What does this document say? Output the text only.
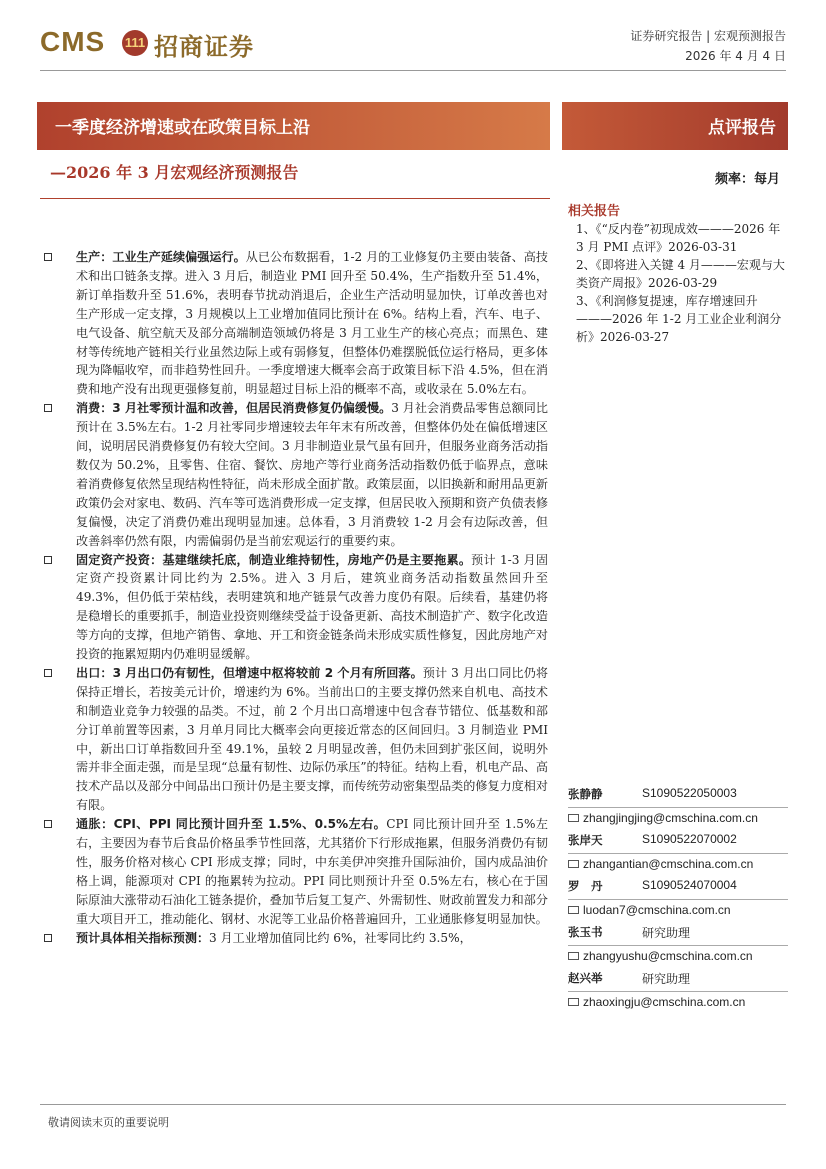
CMS 111 招商证券	证券研究报告 | 宏观预测报告
2026 年 4 月 4 日
一季度经济增速或在政策目标上沿	点评报告
—2026 年 3 月宏观经济预测报告	频率：每月
相关报告
1、《“反内卷”初现成效———2026 年 3 月 PMI 点评》2026-03-31
2、《即将进入关键 4 月———宏观与大类资产周报》2026-03-29
3、《利润修复提速，库存增速回升———2026 年 1-2 月工业企业利润分析》2026-03-27
生产：工业生产延续偏强运行。从已公布数据看，1-2 月的工业修复仍主要由装备、高技术和出口链条支撑。进入 3 月后，制造业 PMI 回升至 50.4%，生产指数升至 51.4%，新订单指数升至 51.6%，表明春节扰动消退后，企业生产活动明显加快，订单改善也对生产形成一定支撑，3 月规模以上工业增加值同比预计在 6%。结构上看，汽车、电子、电气设备、航空航天及部分高端制造领域仍将是 3 月工业生产的核心亮点；而黑色、建材等传统地产链相关行业虽然边际上或有弱修复，但整体仍难摆脱低位运行格局，更多体现为降幅收窄，而非趋势性回升。一季度增速大概率会高于政策目标下沿 4.5%，但在消费和地产没有出现更强修复前，明显超过目标上沿的概率不高，或收录在 5.0%左右。
消费：3 月社零预计温和改善，但居民消费修复仍偏缓慢。3 月社会消费品零售总额同比预计在 3.5%左右。1-2 月社零同步增速较去年年末有所改善，但整体仍处在偏低增速区间，说明居民消费修复仍有较大空间。3 月非制造业景气虽有回升，但服务业商务活动指数仅为 50.2%，且零售、住宿、餐饮、房地产等行业商务活动指数仍低于临界点，意味着消费修复依然呈现结构性特征，尚未形成全面扩散。政策层面，以旧换新和耐用品更新政策仍会对家电、数码、汽车等可选消费形成一定支撑，但居民收入预期和资产负债表修复偏慢，决定了消费仍难出现明显加速。总体看，3 月消费较 1-2 月会有边际改善，但改善斜率仍然有限，内需偏弱仍是当前宏观运行的重要约束。
固定资产投资：基建继续托底，制造业维持韧性，房地产仍是主要拖累。预计 1-3 月固定资产投资累计同比约为 2.5%。进入 3 月后，建筑业商务活动指数虽然回升至 49.3%，但仍低于荣枯线，表明建筑和地产链景气改善力度仍有限。后续看，基建仍将是稳增长的重要抓手，制造业投资则继续受益于设备更新、高技术制造扩产、数字化改造等方向的支撑，但地产销售、拿地、开工和资金链条尚未形成实质性修复，因此房地产对投资的拖累短期内仍难明显缓解。
出口：3 月出口仍有韧性，但增速中枢将较前 2 个月有所回落。预计 3 月出口同比仍将保持正增长，若按美元计价，增速约为 6%。当前出口的主要支撑仍然来自机电、高技术和制造业竞争力较强的品类。不过，前 2 个月出口高增速中包含春节错位、低基数和部分订单前置等因素，3 月单月同比大概率会向更接近常态的区间回归。3 月制造业 PMI 中，新出口订单指数回升至 49.1%，虽较 2 月明显改善，但仍未回到扩张区间，说明外需并非全面走强，而是呈现“总量有韧性、边际仍承压”的特征。结构上看，机电产品、高技术产品以及部分中间品出口预计仍是主要支撑，而传统劳动密集型品类的修复力度相对有限。
通胀：CPI、PPI 同比预计回升至 1.5%、0.5%左右。CPI 同比预计回升至 1.5%左右，主要因为春节后食品价格虽季节性回落，尤其猪价下行形成拖累，但服务消费仍有韧性，服务价格对核心 CPI 形成支撑；同时，中东美伊冲突推升国际油价，国内成品油价格上调，能源项对 CPI 的拖累转为拉动。PPI 同比则预计升至 0.5%左右，核心在于国际原油大涨带动石油化工链条提价，叠加节后复工复产、外需韧性、财政前置发力和部分重大项目开工，推动能化、钢材、水泥等工业品价格普遍回升，工业通胀修复明显加快。
预计具体相关指标预测：3 月工业增加值同比约 6%，社零同比约 3.5%，
张静静	S1090522050003
zhangjingjing@cmschina.com.cn
张岸天	S1090522070002
zhangantian@cmschina.com.cn
罗　丹	S1090524070004
luodan7@cmschina.com.cn
张玉书	研究助理
zhangyushu@cmschina.com.cn
赵兴举	研究助理
zhaoxingju@cmschina.com.cn
敬请阅读末页的重要说明
